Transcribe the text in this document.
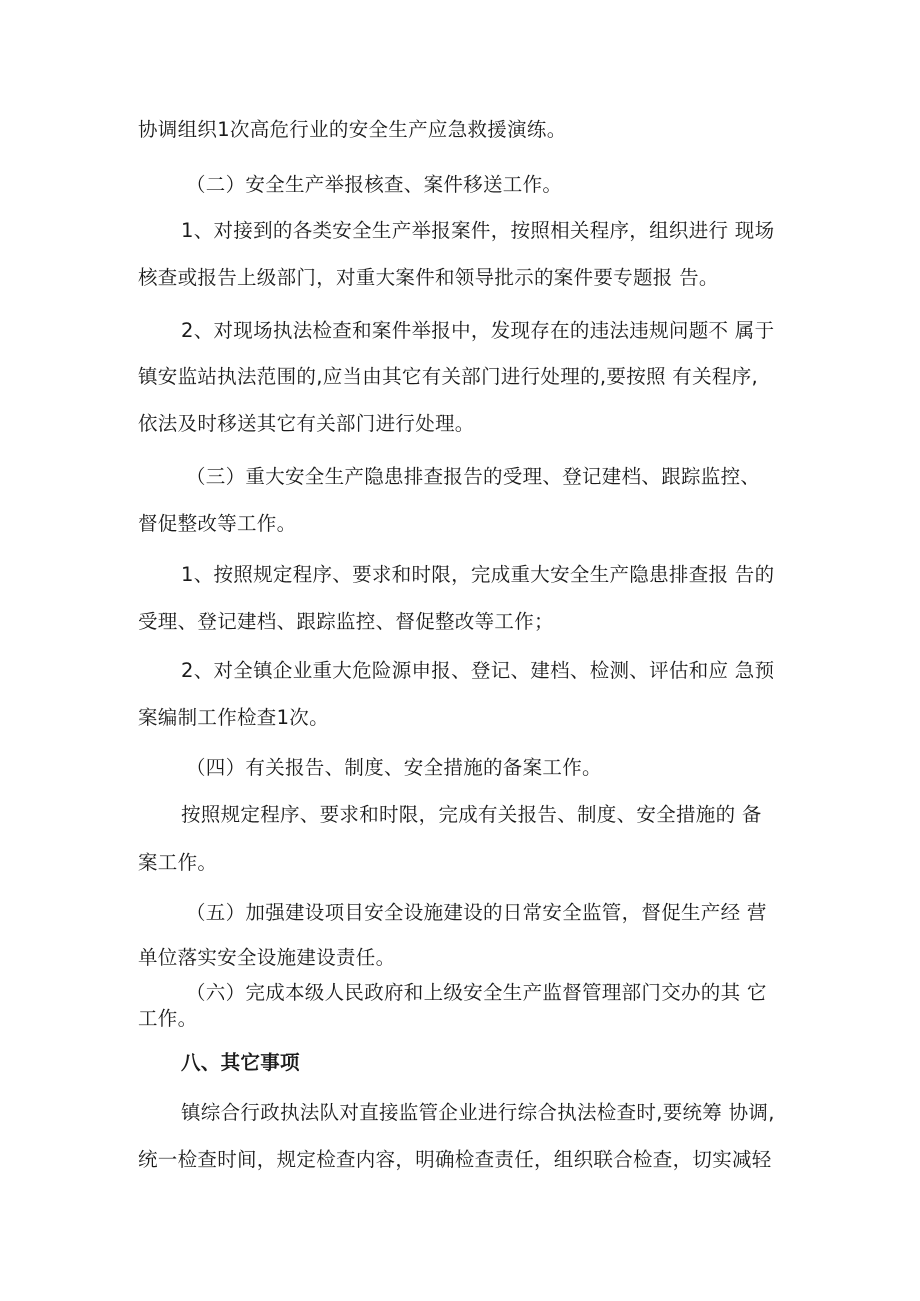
协调组织1次高危行业的安全生产应急救援演练。

（二）安全生产举报核查、案件移送工作。

1、对接到的各类安全生产举报案件，按照相关程序，组织进行 现场

核查或报告上级部门，对重大案件和领导批示的案件要专题报 告。

2、对现场执法检查和案件举报中，发现存在的违法违规问题不 属于

镇安监站执法范围的,应当由其它有关部门进行处理的,要按照 有关程序,

依法及时移送其它有关部门进行处理。

（三）重大安全生产隐患排查报告的受理、登记建档、跟踪监控、

督促整改等工作。

1、按照规定程序、要求和时限，完成重大安全生产隐患排查报 告的

受理、登记建档、跟踪监控、督促整改等工作；

2、对全镇企业重大危险源申报、登记、建档、检测、评估和应 急预

案编制工作检查1次。

（四）有关报告、制度、安全措施的备案工作。

按照规定程序、要求和时限，完成有关报告、制度、安全措施的 备

案工作。

（五）加强建设项目安全设施建设的日常安全监管，督促生产经 营

单位落实安全设施建设责任。

（六）完成本级人民政府和上级安全生产监督管理部门交办的其 它

工作。

八、其它事项

镇综合行政执法队对直接监管企业进行综合执法检查时,要统筹 协调,

统一检查时间，规定检查内容，明确检查责任，组织联合检查，切实减轻
